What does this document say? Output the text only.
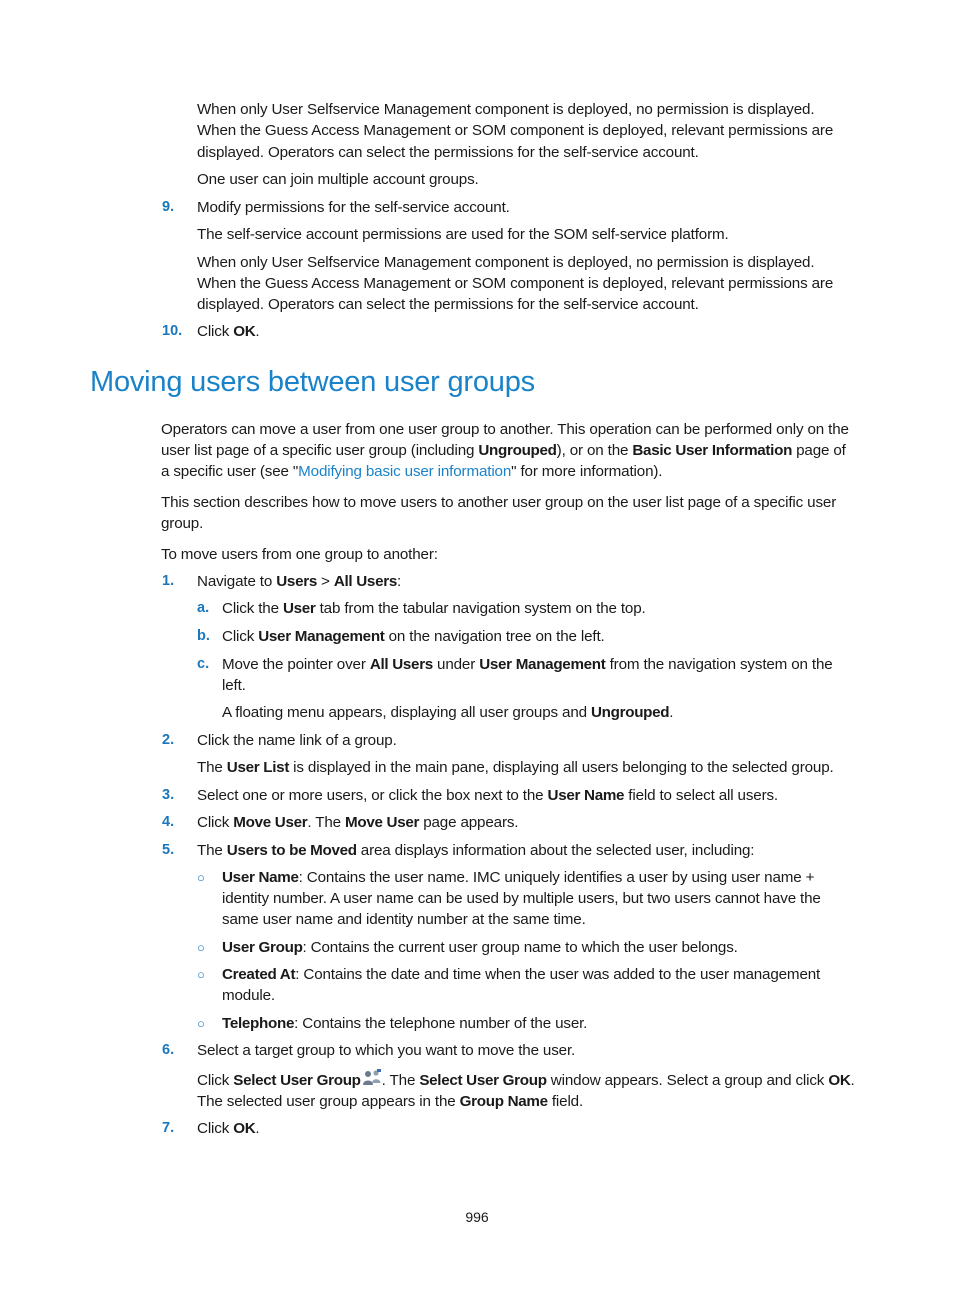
When only User Selfservice Management component is deployed, no permission is displayed.
When the Guess Access Management or SOM component is deployed, relevant permissions are
displayed. Operators can select the permissions for the self-service account.
One user can join multiple account groups.
9. Modify permissions for the self-service account.
The self-service account permissions are used for the SOM self-service platform.
When only User Selfservice Management component is deployed, no permission is displayed.
When the Guess Access Management or SOM component is deployed, relevant permissions are
displayed. Operators can select the permissions for the self-service account.
10. Click OK.
Moving users between user groups
Operators can move a user from one user group to another. This operation can be performed only on the
user list page of a specific user group (including Ungrouped), or on the Basic User Information page of
a specific user (see "Modifying basic user information" for more information).
This section describes how to move users to another user group on the user list page of a specific user
group.
To move users from one group to another:
1. Navigate to Users > All Users:
a. Click the User tab from the tabular navigation system on the top.
b. Click User Management on the navigation tree on the left.
c. Move the pointer over All Users under User Management from the navigation system on the
left.
A floating menu appears, displaying all user groups and Ungrouped.
2. Click the name link of a group.
The User List is displayed in the main pane, displaying all users belonging to the selected group.
3. Select one or more users, or click the box next to the User Name field to select all users.
4. Click Move User. The Move User page appears.
5. The Users to be Moved area displays information about the selected user, including:
○ User Name: Contains the user name. IMC uniquely identifies a user by using user name +
identity number. A user name can be used by multiple users, but two users cannot have the
same user name and identity number at the same time.
○ User Group: Contains the current user group name to which the user belongs.
○ Created At: Contains the date and time when the user was added to the user management
module.
○ Telephone: Contains the telephone number of the user.
6. Select a target group to which you want to move the user.
Click Select User Group . The Select User Group window appears. Select a group and click OK.
The selected user group appears in the Group Name field.
7. Click OK.
996
